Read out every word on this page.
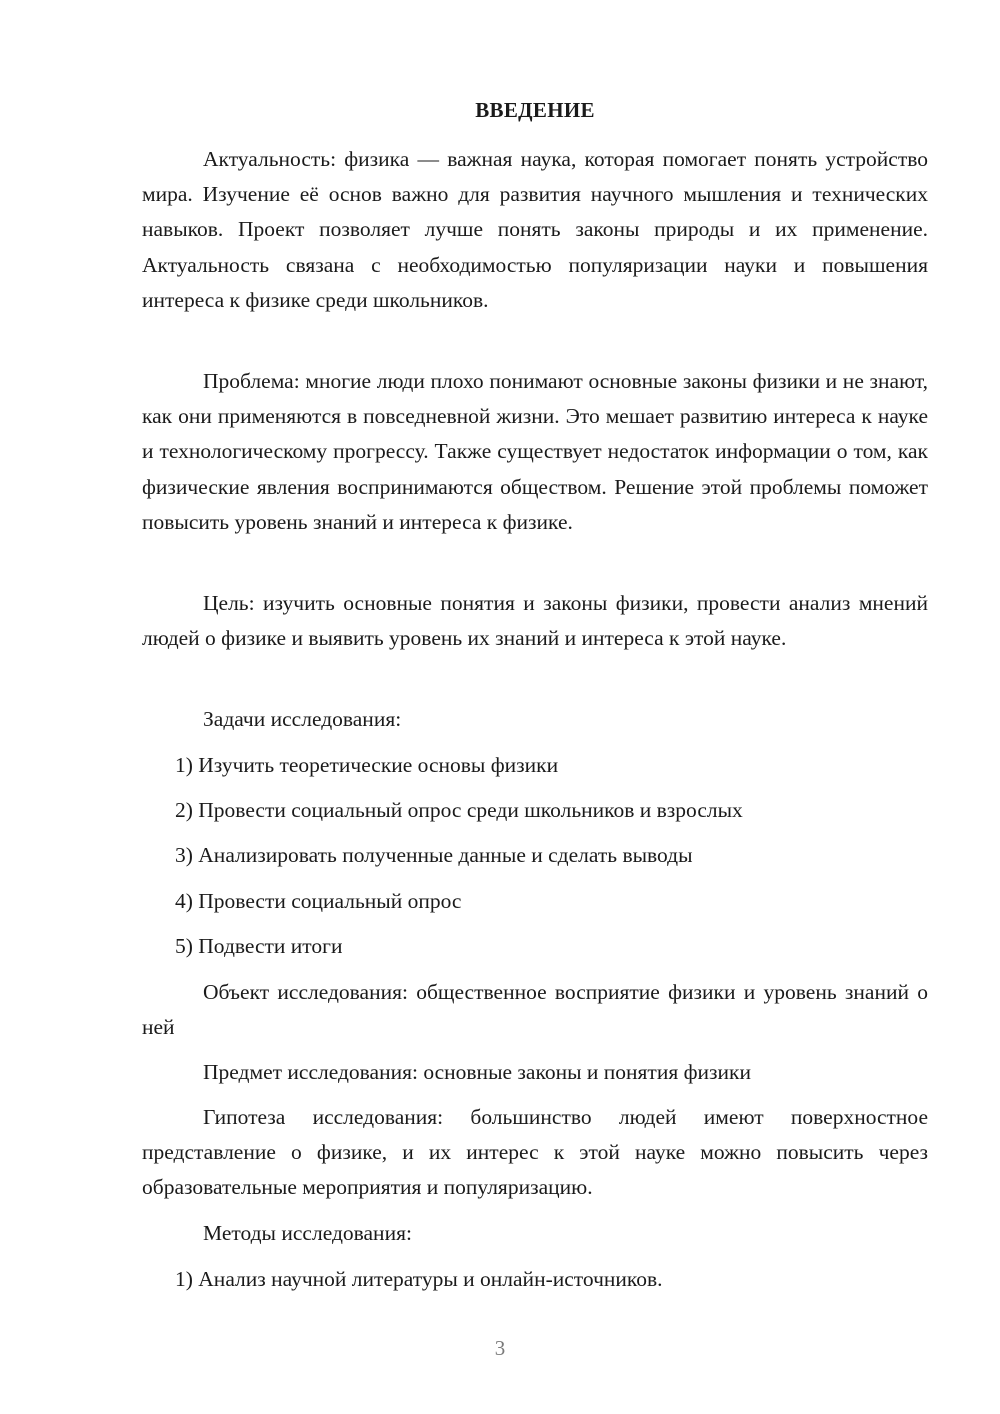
ВВЕДЕНИЕ

Актуальность: физика — важная наука, которая помогает понять устройство мира. Изучение её основ важно для развития научного мышления и технических навыков. Проект позволяет лучше понять законы природы и их применение. Актуальность связана с необходимостью популяризации науки и повышения интереса к физике среди школьников.

Проблема: многие люди плохо понимают основные законы физики и не знают, как они применяются в повседневной жизни. Это мешает развитию интереса к науке и технологическому прогрессу. Также существует недостаток информации о том, как физические явления воспринимаются обществом. Решение этой проблемы поможет повысить уровень знаний и интереса к физике.

Цель: изучить основные понятия и законы физики, провести анализ мнений людей о физике и выявить уровень их знаний и интереса к этой науке.

Задачи исследования:

1) Изучить теоретические основы физики

2) Провести социальный опрос среди школьников и взрослых

3) Анализировать полученные данные и сделать выводы

4) Провести социальный опрос

5) Подвести итоги

Объект исследования: общественное восприятие физики и уровень знаний о ней

Предмет исследования: основные законы и понятия физики

Гипотеза исследования: большинство людей имеют поверхностное представление о физике, и их интерес к этой науке можно повысить через образовательные мероприятия и популяризацию.

Методы исследования:

1) Анализ научной литературы и онлайн-источников.

3
